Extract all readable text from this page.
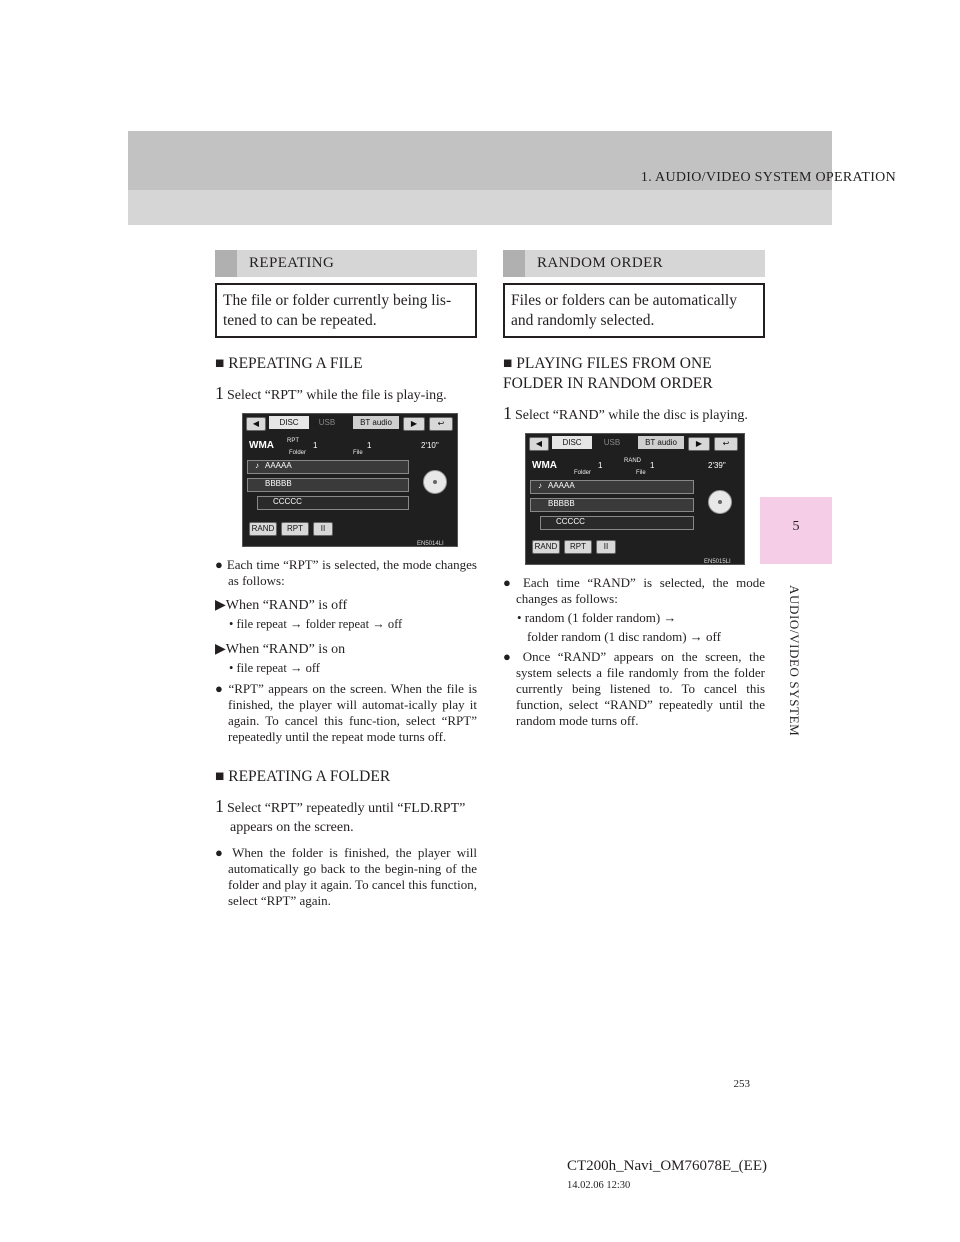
1. AUDIO/VIDEO SYSTEM OPERATION
5
AUDIO/VIDEO SYSTEM
REPEATING
The file or folder currently being lis-tened to can be repeated.
■ REPEATING A FILE
1 Select “RPT” while the file is play-ing.
◀	DISC	USB	BT audio	▶	↩
RPT
WMA
Folder
1
File
1	2'10"
♪ AAAAA
BBBBB
CCCCC
RAND	RPT	II
EN5014LI
● Each time “RPT” is selected, the mode changes as follows:
▶When “RAND” is off
• file repeat → folder repeat → off
▶When “RAND” is on
• file repeat → off
● “RPT” appears on the screen. When the file is finished, the player will automat-ically play it again. To cancel this func-tion, select “RPT” repeatedly until the repeat mode turns off.
■ REPEATING A FOLDER
1 Select “RPT” repeatedly until “FLD.RPT” appears on the screen.
● When the folder is finished, the player will automatically go back to the begin-ning of the folder and play it again. To cancel this function, select “RPT” again.
RANDOM ORDER
Files or folders can be automatically and randomly selected.
■ PLAYING FILES FROM ONE FOLDER IN RANDOM ORDER
1 Select “RAND” while the disc is playing.
◀	DISC	USB	BT audio	▶	↩
RAND
WMA
Folder
1
File
1	2'39"
♪ AAAAA
BBBBB
CCCCC
RAND	RPT	II
EN5015LI
● Each time “RAND” is selected, the mode changes as follows:
• random (1 folder random) →
folder random (1 disc random) → off
● Once “RAND” appears on the screen, the system selects a file randomly from the folder currently being listened to. To cancel this function, select “RAND” repeatedly until the random mode turns off.
253
CT200h_Navi_OM76078E_(EE)
14.02.06 12:30
